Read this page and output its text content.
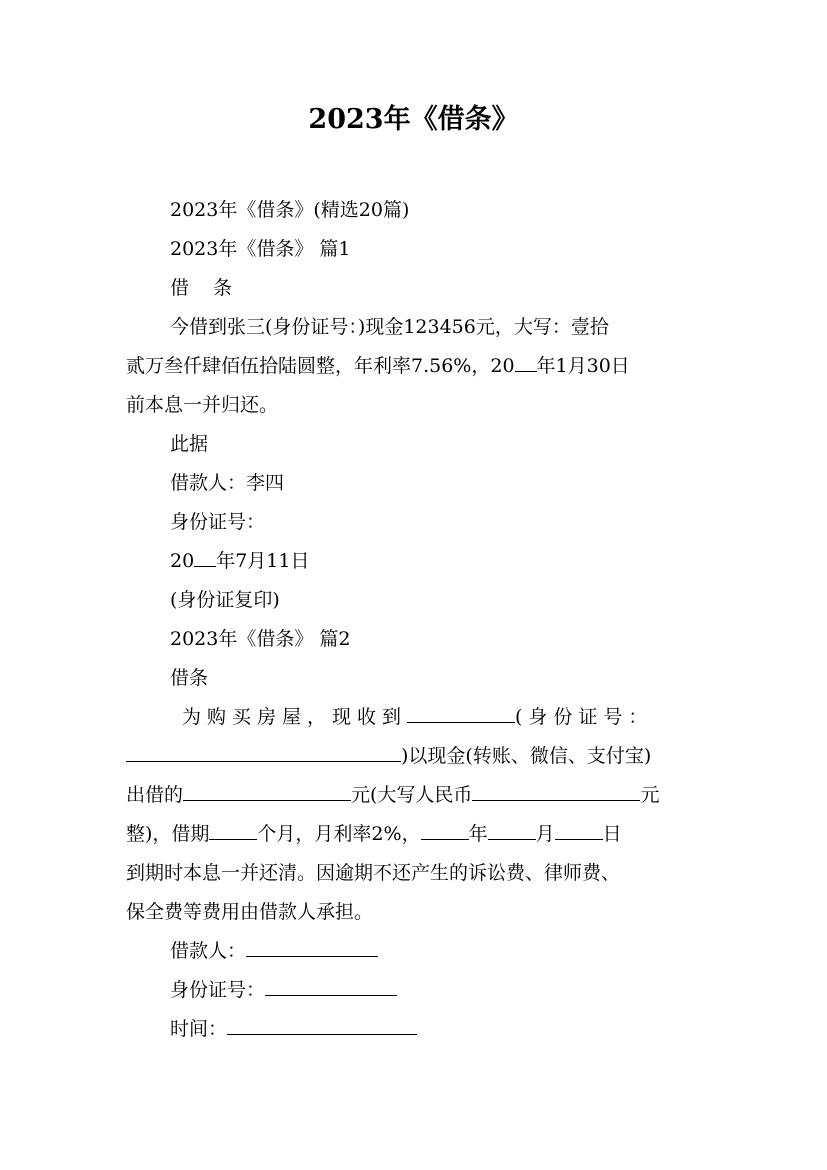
2023年《借条》

2023年《借条》(精选20篇)

2023年《借条》 篇1

借 条

今借到张三(身份证号：)现金123456元，大写：壹拾

贰万叁仟肆佰伍拾陆圆整，年利率7.56%，20 年1月30日

前本息一并归还。

此据

借款人：李四

身份证号：

20 年7月11日

(身份证复印)

2023年《借条》 篇2

借条

为购买房屋，现收到	(身份证号：

)以现金(转账、微信、支付宝)

出借的	元(大写人民币	元

整)，借期	个月，月利率2%，	年	月	日

到期时本息一并还清。因逾期不还产生的诉讼费、律师费、

保全费等费用由借款人承担。

借款人：

身份证号：

时间：
